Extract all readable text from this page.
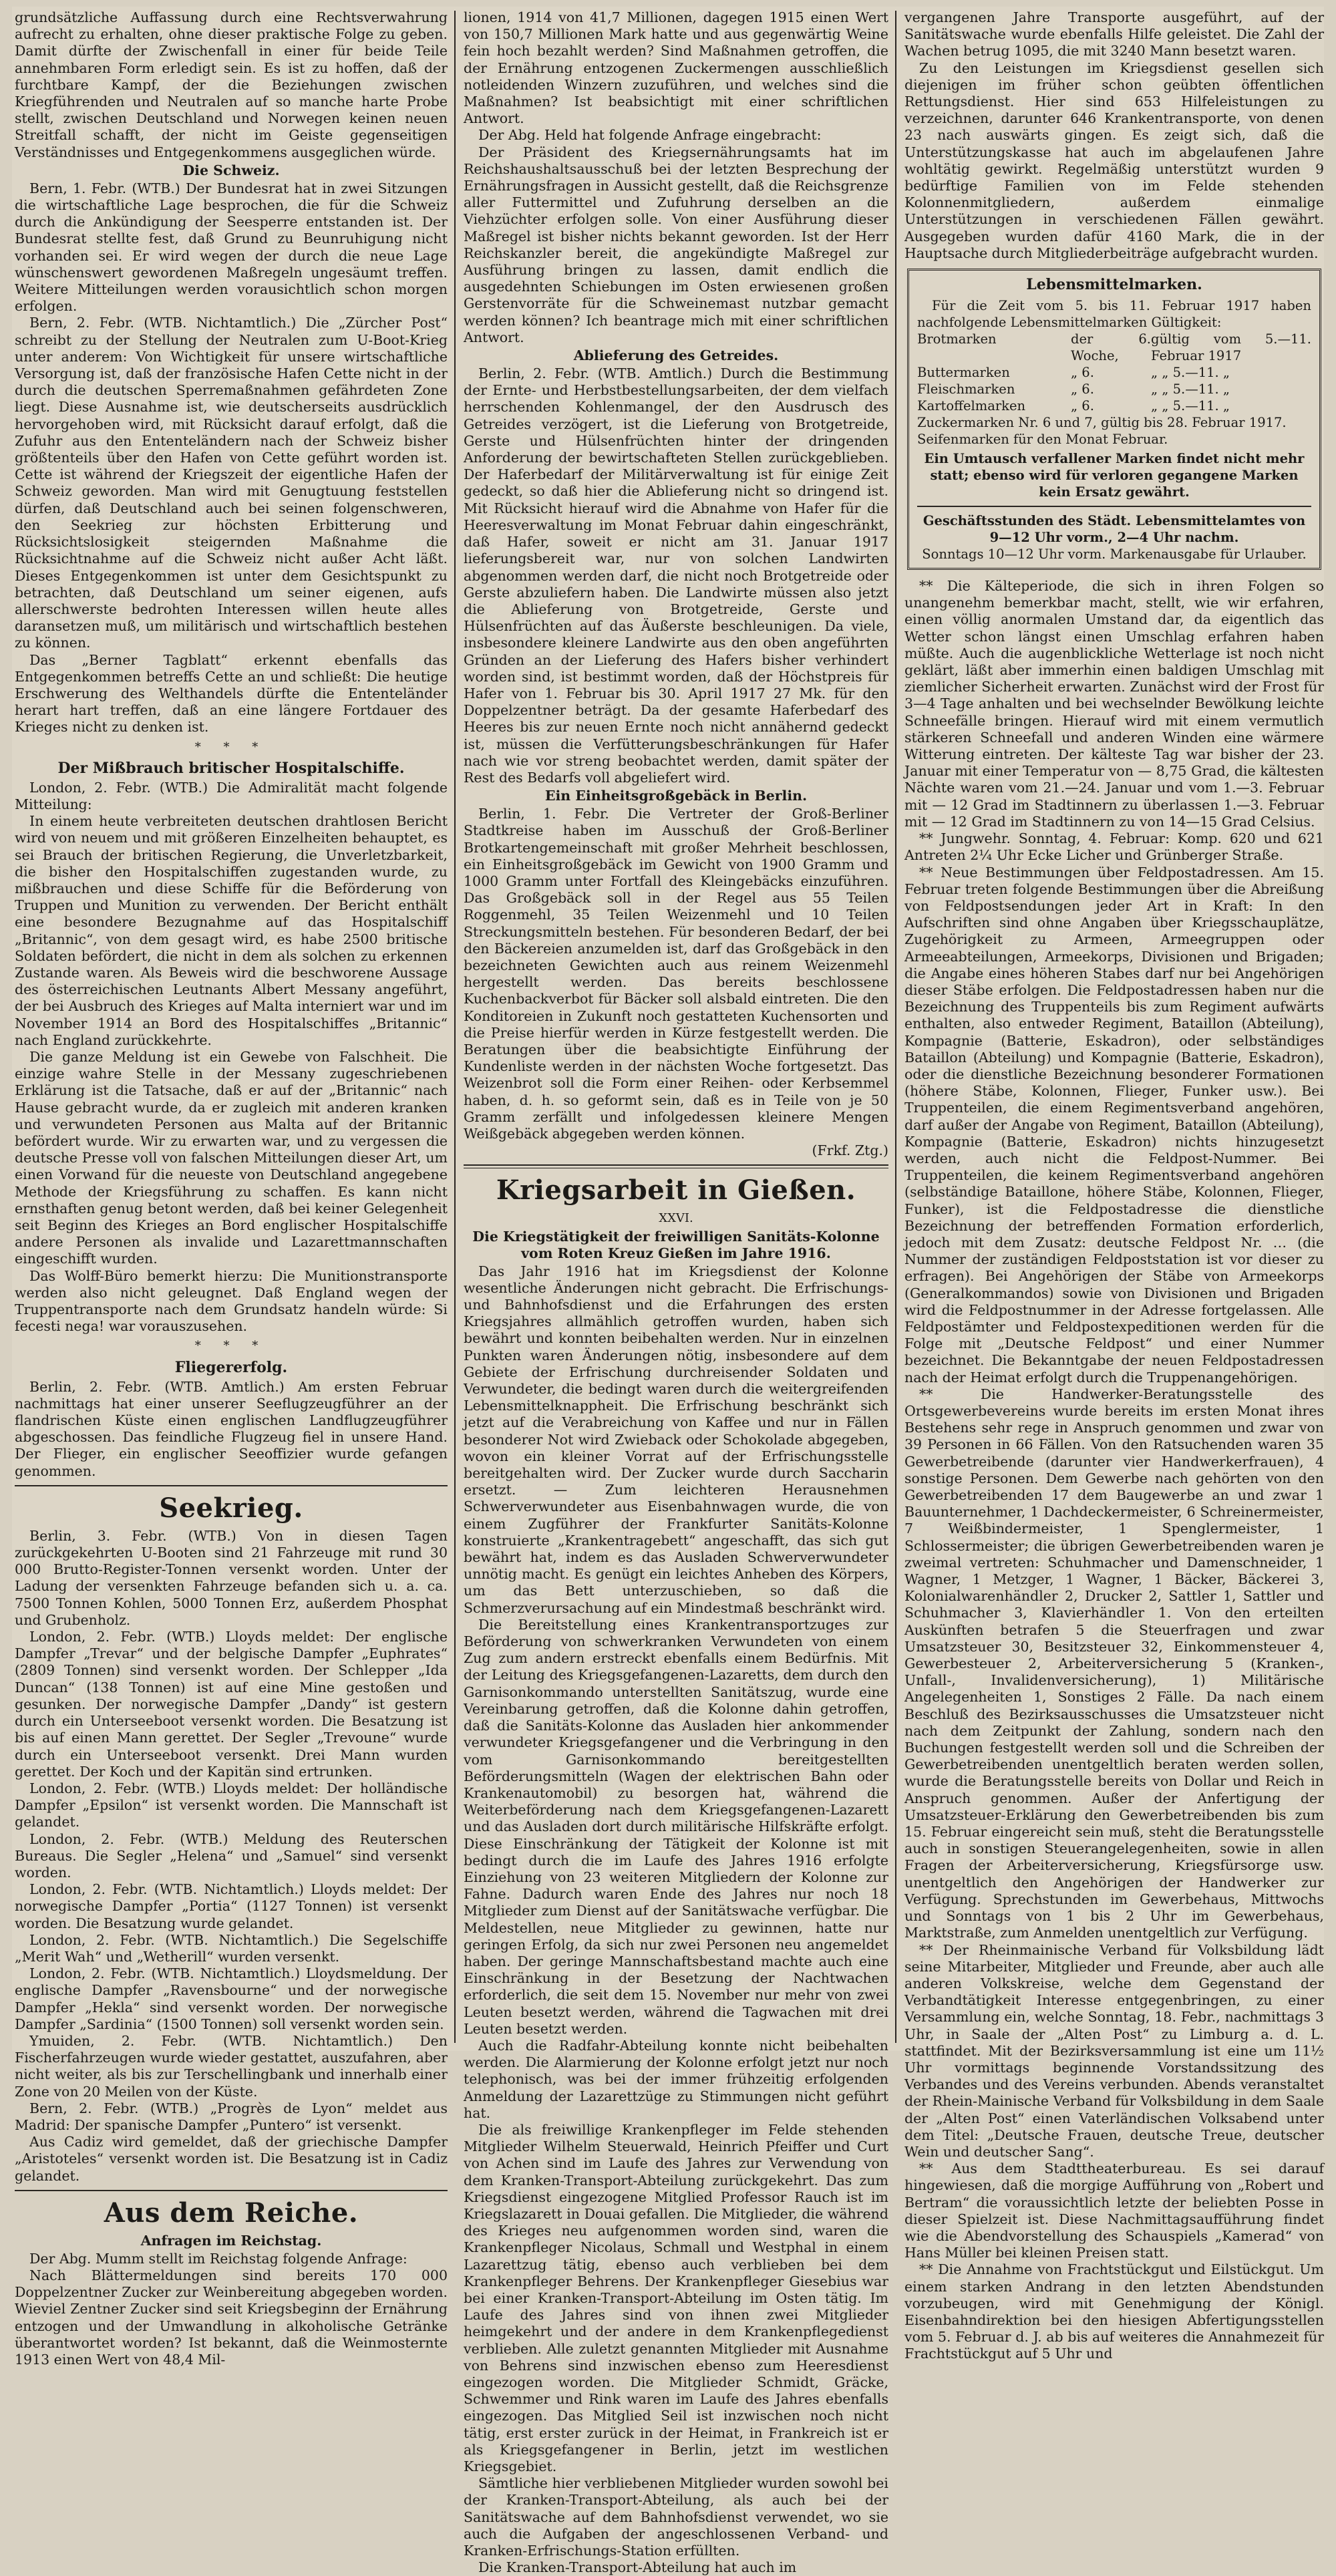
grundsätzliche Auffassung durch eine Rechtsverwahrung aufrecht zu erhalten, ohne dieser praktische Folge zu geben. Damit dürfte der Zwischenfall in einer für beide Teile annehmbaren Form erledigt sein. Es ist zu hoffen, daß der furchtbare Kampf, der die Beziehungen zwischen Kriegführenden und Neutralen auf so manche harte Probe stellt, zwischen Deutschland und Norwegen keinen neuen Streitfall schafft, der nicht im Geiste gegenseitigen Verständnisses und Entgegenkommens ausgeglichen würde.

Die Schweiz.

Bern, 1. Febr. (WTB.) Der Bundesrat hat in zwei Sitzungen die wirtschaftliche Lage besprochen, die für die Schweiz durch die Ankündigung der Seesperre entstanden ist. Der Bundesrat stellte fest, daß Grund zu Beunruhigung nicht vorhanden sei. Er wird wegen der durch die neue Lage wünschenswert gewordenen Maßregeln ungesäumt treffen. Weitere Mitteilungen werden vorausichtlich schon morgen erfolgen.

Bern, 2. Febr. (WTB. Nichtamtlich.) Die „Zürcher Post“ schreibt zu der Stellung der Neutralen zum U-Boot-Krieg unter anderem: Von Wichtigkeit für unsere wirtschaftliche Versorgung ist, daß der französische Hafen Cette nicht in der durch die deutschen Sperremaßnahmen gefährdeten Zone liegt. Diese Ausnahme ist, wie deutscherseits ausdrücklich hervorgehoben wird, mit Rücksicht darauf erfolgt, daß die Zufuhr aus den Ententeländern nach der Schweiz bisher größtenteils über den Hafen von Cette geführt worden ist. Cette ist während der Kriegszeit der eigentliche Hafen der Schweiz geworden. Man wird mit Genugtuung feststellen dürfen, daß Deutschland auch bei seinen folgenschweren, den Seekrieg zur höchsten Erbitterung und Rücksichtslosigkeit steigernden Maßnahme die Rücksichtnahme auf die Schweiz nicht außer Acht läßt. Dieses Entgegenkommen ist unter dem Gesichtspunkt zu betrachten, daß Deutschland um seiner eigenen, aufs allerschwerste bedrohten Interessen willen heute alles daransetzen muß, um militärisch und wirtschaftlich bestehen zu können.

Das „Berner Tagblatt“ erkennt ebenfalls das Entgegenkommen betreffs Cette an und schließt: Die heutige Erschwerung des Welthandels dürfte die Ententeländer herart hart treffen, daß an eine längere Fortdauer des Krieges nicht zu denken ist.

* * *
Der Mißbrauch britischer Hospitalschiffe.

London, 2. Febr. (WTB.) Die Admiralität macht folgende Mitteilung:

In einem heute verbreiteten deutschen drahtlosen Bericht wird von neuem und mit größeren Einzelheiten behauptet, es sei Brauch der britischen Regierung, die Unverletzbarkeit, die bisher den Hospitalschiffen zugestanden wurde, zu mißbrauchen und diese Schiffe für die Beförderung von Truppen und Munition zu verwenden. Der Bericht enthält eine besondere Bezugnahme auf das Hospitalschiff „Britannic“, von dem gesagt wird, es habe 2500 britische Soldaten befördert, die nicht in dem als solchen zu erkennen Zustande waren. Als Beweis wird die beschworene Aussage des österreichischen Leutnants Albert Messany angeführt, der bei Ausbruch des Krieges auf Malta interniert war und im November 1914 an Bord des Hospitalschiffes „Britannic“ nach England zurückkehrte.

Die ganze Meldung ist ein Gewebe von Falschheit. Die einzige wahre Stelle in der Messany zugeschriebenen Erklärung ist die Tatsache, daß er auf der „Britannic“ nach Hause gebracht wurde, da er zugleich mit anderen kranken und verwundeten Personen aus Malta auf der Britannic befördert wurde. Wir zu erwarten war, und zu vergessen die deutsche Presse voll von falschen Mitteilungen dieser Art, um einen Vorwand für die neueste von Deutschland angegebene Methode der Kriegsführung zu schaffen. Es kann nicht ernsthaften genug betont werden, daß bei keiner Gelegenheit seit Beginn des Krieges an Bord englischer Hospitalschiffe andere Personen als invalide und Lazarettmannschaften eingeschifft wurden.

Das Wolff-Büro bemerkt hierzu: Die Munitionstransporte werden also nicht geleugnet. Daß England wegen der Truppentransporte nach dem Grundsatz handeln würde: Si fecesti nega! war vorauszusehen.

* * *
Fliegererfolg.

Berlin, 2. Febr. (WTB. Amtlich.) Am ersten Februar nachmittags hat einer unserer Seeflugzeugführer an der flandrischen Küste einen englischen Landflugzeugführer abgeschossen. Das feindliche Flugzeug fiel in unsere Hand. Der Flieger, ein englischer Seeoffizier wurde gefangen genommen.

Seekrieg.

Berlin, 3. Febr. (WTB.) Von in diesen Tagen zurückgekehrten U-Booten sind 21 Fahrzeuge mit rund 30 000 Brutto-Register-Tonnen versenkt worden. Unter der Ladung der versenkten Fahrzeuge befanden sich u. a. ca. 7500 Tonnen Kohlen, 5000 Tonnen Erz, außerdem Phosphat und Grubenholz.

London, 2. Febr. (WTB.) Lloyds meldet: Der englische Dampfer „Trevar“ und der belgische Dampfer „Euphrates“ (2809 Tonnen) sind versenkt worden. Der Schlepper „Ida Duncan“ (138 Tonnen) ist auf eine Mine gestoßen und gesunken. Der norwegische Dampfer „Dandy“ ist gestern durch ein Unterseeboot versenkt worden. Die Besatzung ist bis auf einen Mann gerettet. Der Segler „Trevoune“ wurde durch ein Unterseeboot versenkt. Drei Mann wurden gerettet. Der Koch und der Kapitän sind ertrunken.

London, 2. Febr. (WTB.) Lloyds meldet: Der holländische Dampfer „Epsilon“ ist versenkt worden. Die Mannschaft ist gelandet.

London, 2. Febr. (WTB.) Meldung des Reuterschen Bureaus. Die Segler „Helena“ und „Samuel“ sind versenkt worden.

London, 2. Febr. (WTB. Nichtamtlich.) Lloyds meldet: Der norwegische Dampfer „Portia“ (1127 Tonnen) ist versenkt worden. Die Besatzung wurde gelandet.

London, 2. Febr. (WTB. Nichtamtlich.) Die Segelschiffe „Merit Wah“ und „Wetherill“ wurden versenkt.

London, 2. Febr. (WTB. Nichtamtlich.) Lloydsmeldung. Der englische Dampfer „Ravensbourne“ und der norwegische Dampfer „Hekla“ sind versenkt worden. Der norwegische Dampfer „Sardinia“ (1500 Tonnen) soll versenkt worden sein.

Ymuiden, 2. Febr. (WTB. Nichtamtlich.) Den Fischerfahrzeugen wurde wieder gestattet, auszufahren, aber nicht weiter, als bis zur Terschellingbank und innerhalb einer Zone von 20 Meilen von der Küste.

Bern, 2. Febr. (WTB.) „Progrès de Lyon“ meldet aus Madrid: Der spanische Dampfer „Puntero“ ist versenkt.

Aus Cadiz wird gemeldet, daß der griechische Dampfer „Aristoteles“ versenkt worden ist. Die Besatzung ist in Cadiz gelandet.

Aus dem Reiche.
Anfragen im Reichstag.

Der Abg. Mumm stellt im Reichstag folgende Anfrage:

Nach Blättermeldungen sind bereits 170 000 Doppelzentner Zucker zur Weinbereitung abgegeben worden. Wieviel Zentner Zucker sind seit Kriegsbeginn der Ernährung entzogen und der Umwandlung in alkoholische Getränke überantwortet worden? Ist bekannt, daß die Weinmosternte 1913 einen Wert von 48,4 Mil-

lionen, 1914 von 41,7 Millionen, dagegen 1915 einen Wert von 150,7 Millionen Mark hatte und aus gegenwärtig Weine fein hoch bezahlt werden? Sind Maßnahmen getroffen, die der Ernährung entzogenen Zuckermengen ausschließlich notleidenden Winzern zuzuführen, und welches sind die Maßnahmen? Ist beabsichtigt mit einer schriftlichen Antwort.

Der Abg. Held hat folgende Anfrage eingebracht:

Der Präsident des Kriegsernährungsamts hat im Reichshaushaltsausschuß bei der letzten Besprechung der Ernährungsfragen in Aussicht gestellt, daß die Reichsgrenze aller Futtermittel und Zufuhrung derselben an die Viehzüchter erfolgen solle. Von einer Ausführung dieser Maßregel ist bisher nichts bekannt geworden. Ist der Herr Reichskanzler bereit, die angekündigte Maßregel zur Ausführung bringen zu lassen, damit endlich die ausgedehnten Schiebungen im Osten erwiesenen großen Gerstenvorräte für die Schweinemast nutzbar gemacht werden können? Ich beantrage mich mit einer schriftlichen Antwort.

Ablieferung des Getreides.

Berlin, 2. Febr. (WTB. Amtlich.) Durch die Bestimmung der Ernte- und Herbstbestellungsarbeiten, der dem vielfach herrschenden Kohlenmangel, der den Ausdrusch des Getreides verzögert, ist die Lieferung von Brotgetreide, Gerste und Hülsenfrüchten hinter der dringenden Anforderung der bewirtschafteten Stellen zurückgeblieben. Der Haferbedarf der Militärverwaltung ist für einige Zeit gedeckt, so daß hier die Ablieferung nicht so dringend ist. Mit Rücksicht hierauf wird die Abnahme von Hafer für die Heeresverwaltung im Monat Februar dahin eingeschränkt, daß Hafer, soweit er nicht am 31. Januar 1917 lieferungsbereit war, nur von solchen Landwirten abgenommen werden darf, die nicht noch Brotgetreide oder Gerste abzuliefern haben. Die Landwirte müssen also jetzt die Ablieferung von Brotgetreide, Gerste und Hülsenfrüchten auf das Äußerste beschleunigen. Da viele, insbesondere kleinere Landwirte aus den oben angeführten Gründen an der Lieferung des Hafers bisher verhindert worden sind, ist bestimmt worden, daß der Höchstpreis für Hafer von 1. Februar bis 30. April 1917 27 Mk. für den Doppelzentner beträgt. Da der gesamte Haferbedarf des Heeres bis zur neuen Ernte noch nicht annähernd gedeckt ist, müssen die Verfütterungsbeschränkungen für Hafer nach wie vor streng beobachtet werden, damit später der Rest des Bedarfs voll abgeliefert wird.

Ein Einheitsgroßgebäck in Berlin.

Berlin, 1. Febr. Die Vertreter der Groß-Berliner Stadtkreise haben im Ausschuß der Groß-Berliner Brotkartengemeinschaft mit großer Mehrheit beschlossen, ein Einheitsgroßgebäck im Gewicht von 1900 Gramm und 1000 Gramm unter Fortfall des Kleingebäcks einzuführen. Das Großgebäck soll in der Regel aus 55 Teilen Roggenmehl, 35 Teilen Weizenmehl und 10 Teilen Streckungsmitteln bestehen. Für besonderen Bedarf, der bei den Bäckereien anzumelden ist, darf das Großgebäck in den bezeichneten Gewichten auch aus reinem Weizenmehl hergestellt werden. Das bereits beschlossene Kuchenbackverbot für Bäcker soll alsbald eintreten. Die den Konditoreien in Zukunft noch gestatteten Kuchensorten und die Preise hierfür werden in Kürze festgestellt werden. Die Beratungen über die beabsichtigte Einführung der Kundenliste werden in der nächsten Woche fortgesetzt. Das Weizenbrot soll die Form einer Reihen- oder Kerbsemmel haben, d. h. so geformt sein, daß es in Teile von je 50 Gramm zerfällt und infolgedessen kleinere Mengen Weißgebäck abgegeben werden können.

(Frkf. Ztg.)
Kriegsarbeit in Gießen.
XXVI.
Die Kriegstätigkeit der freiwilligen Sanitäts-Kolonne vom Roten Kreuz Gießen im Jahre 1916.

Das Jahr 1916 hat im Kriegsdienst der Kolonne wesentliche Änderungen nicht gebracht. Die Erfrischungs- und Bahnhofsdienst und die Erfahrungen des ersten Kriegsjahres allmählich getroffen wurden, haben sich bewährt und konnten beibehalten werden. Nur in einzelnen Punkten waren Änderungen nötig, insbesondere auf dem Gebiete der Erfrischung durchreisender Soldaten und Verwundeter, die bedingt waren durch die weitergreifenden Lebensmittelknappheit. Die Erfrischung beschränkt sich jetzt auf die Verabreichung von Kaffee und nur in Fällen besonderer Not wird Zwieback oder Schokolade abgegeben, wovon ein kleiner Vorrat auf der Erfrischungsstelle bereitgehalten wird. Der Zucker wurde durch Saccharin ersetzt. — Zum leichteren Herausnehmen Schwerverwundeter aus Eisenbahnwagen wurde, die von einem Zugführer der Frankfurter Sanitäts-Kolonne konstruierte „Krankentragebett“ angeschafft, das sich gut bewährt hat, indem es das Ausladen Schwerverwundeter unnötig macht. Es genügt ein leichtes Anheben des Körpers, um das Bett unterzuschieben, so daß die Schmerzverursachung auf ein Mindestmaß beschränkt wird.

Die Bereitstellung eines Krankentransportzuges zur Beförderung von schwerkranken Verwundeten von einem Zug zum andern erstreckt ebenfalls einem Bedürfnis. Mit der Leitung des Kriegsgefangenen-Lazaretts, dem durch den Garnisonkommando unterstellten Sanitätszug, wurde eine Vereinbarung getroffen, daß die Kolonne dahin getroffen, daß die Sanitäts-Kolonne das Ausladen hier ankommender verwundeter Kriegsgefangener und die Verbringung in den vom Garnisonkommando bereitgestellten Beförderungsmitteln (Wagen der elektrischen Bahn oder Krankenautomobil) zu besorgen hat, während die Weiterbeförderung nach dem Kriegsgefangenen-Lazarett und das Ausladen dort durch militärische Hilfskräfte erfolgt. Diese Einschränkung der Tätigkeit der Kolonne ist mit bedingt durch die im Laufe des Jahres 1916 erfolgte Einziehung von 23 weiteren Mitgliedern der Kolonne zur Fahne. Dadurch waren Ende des Jahres nur noch 18 Mitglieder zum Dienst auf der Sanitätswache verfügbar. Die Meldestellen, neue Mitglieder zu gewinnen, hatte nur geringen Erfolg, da sich nur zwei Personen neu angemeldet haben. Der geringe Mannschaftsbestand machte auch eine Einschränkung in der Besetzung der Nachtwachen erforderlich, die seit dem 15. November nur mehr von zwei Leuten besetzt werden, während die Tagwachen mit drei Leuten besetzt werden.

Auch die Radfahr-Abteilung konnte nicht beibehalten werden. Die Alarmierung der Kolonne erfolgt jetzt nur noch telephonisch, was bei der immer frühzeitig erfolgenden Anmeldung der Lazarettzüge zu Stimmungen nicht geführt hat.

Die als freiwillige Krankenpfleger im Felde stehenden Mitglieder Wilhelm Steuerwald, Heinrich Pfeiffer und Curt von Achen sind im Laufe des Jahres zur Verwendung von dem Kranken-Transport-Abteilung zurückgekehrt. Das zum Kriegsdienst eingezogene Mitglied Professor Rauch ist im Kriegslazarett in Douai gefallen. Die Mitglieder, die während des Krieges neu aufgenommen worden sind, waren die Krankenpfleger Nicolaus, Schmall und Westphal in einem Lazarettzug tätig, ebenso auch verblieben bei dem Krankenpfleger Behrens. Der Krankenpfleger Giesebius war bei einer Kranken-Transport-Abteilung im Osten tätig. Im Laufe des Jahres sind von ihnen zwei Mitglieder heimgekehrt und der andere in dem Krankenpflegedienst verblieben. Alle zuletzt genannten Mitglieder mit Ausnahme von Behrens sind inzwischen ebenso zum Heeresdienst eingezogen worden. Die Mitglieder Schmidt, Gräcke, Schwemmer und Rink waren im Laufe des Jahres ebenfalls eingezogen. Das Mitglied Seil ist inzwischen noch nicht tätig, erst erster zurück in der Heimat, in Frankreich ist er als Kriegsgefangener in Berlin, jetzt im westlichen Kriegsgebiet.

Sämtliche hier verbliebenen Mitglieder wurden sowohl bei der Kranken-Transport-Abteilung, als auch bei der Sanitätswache auf dem Bahnhofsdienst verwendet, wo sie auch die Aufgaben der angeschlossenen Verband- und Kranken-Erfrischungs-Station erfüllten.

Die Kranken-Transport-Abteilung hat auch im

vergangenen Jahre Transporte ausgeführt, auf der Sanitätswache wurde ebenfalls Hilfe geleistet. Die Zahl der Wachen betrug 1095, die mit 3240 Mann besetzt waren.

Zu den Leistungen im Kriegsdienst gesellen sich diejenigen im früher schon geübten öffentlichen Rettungsdienst. Hier sind 653 Hilfeleistungen zu verzeichnen, darunter 646 Krankentransporte, von denen 23 nach auswärts gingen. Es zeigt sich, daß die Unterstützungskasse hat auch im abgelaufenen Jahre wohltätig gewirkt. Regelmäßig unterstützt wurden 9 bedürftige Familien von im Felde stehenden Kolonnenmitgliedern, außerdem einmalige Unterstützungen in verschiedenen Fällen gewährt. Ausgegeben wurden dafür 4160 Mark, die in der Hauptsache durch Mitgliederbeiträge aufgebracht wurden.

Lebensmittelmarken.

Für die Zeit vom 5. bis 11. Februar 1917 haben nachfolgende Lebensmittelmarken Gültigkeit:

Brotmarken	der 6. Woche,
gültig vom 5.—11. Februar 1917
Buttermarken	„ 6.	„ „ 5.—11. „
Fleischmarken	„ 6.	„ „ 5.—11. „
Kartoffelmarken	„ 6.	„ „ 5.—11. „
Zuckermarken Nr. 6 und 7, gültig bis 28. Februar 1917.
Seifenmarken für den Monat Februar.
Ein Umtausch verfallener Marken findet nicht mehr statt; ebenso wird für verloren gegangene Marken kein Ersatz gewährt.
Geschäftsstunden des Städt. Lebensmittelamtes von 9—12 Uhr vorm., 2—4 Uhr nachm.
Sonntags 10—12 Uhr vorm. Markenausgabe für Urlauber.

** Die Kälteperiode, die sich in ihren Folgen so unangenehm bemerkbar macht, stellt, wie wir erfahren, einen völlig anormalen Umstand dar, da eigentlich das Wetter schon längst einen Umschlag erfahren haben müßte. Auch die augenblickliche Wetterlage ist noch nicht geklärt, läßt aber immerhin einen baldigen Umschlag mit ziemlicher Sicherheit erwarten. Zunächst wird der Frost für 3—4 Tage anhalten und bei wechselnder Bewölkung leichte Schneefälle bringen. Hierauf wird mit einem vermutlich stärkeren Schneefall und anderen Winden eine wärmere Witterung eintreten. Der kälteste Tag war bisher der 23. Januar mit einer Temperatur von — 8,75 Grad, die kältesten Nächte waren vom 21.—24. Januar und vom 1.—3. Februar mit — 12 Grad im Stadtinnern zu überlassen 1.—3. Februar mit — 12 Grad im Stadtinnern zu von 14—15 Grad Celsius.

** Jungwehr. Sonntag, 4. Februar: Komp. 620 und 621 Antreten 2¼ Uhr Ecke Licher und Grünberger Straße.

** Neue Bestimmungen über Feldpostadressen. Am 15. Februar treten folgende Bestimmungen über die Abreißung von Feldpostsendungen jeder Art in Kraft: In den Aufschriften sind ohne Angaben über Kriegsschauplätze, Zugehörigkeit zu Armeen, Armeegruppen oder Armeeabteilungen, Armeekorps, Divisionen und Brigaden; die Angabe eines höheren Stabes darf nur bei Angehörigen dieser Stäbe erfolgen. Die Feldpostadressen haben nur die Bezeichnung des Truppenteils bis zum Regiment aufwärts enthalten, also entweder Regiment, Bataillon (Abteilung), Kompagnie (Batterie, Eskadron), oder selbständiges Bataillon (Abteilung) und Kompagnie (Batterie, Eskadron), oder die dienstliche Bezeichnung besonderer Formationen (höhere Stäbe, Kolonnen, Flieger, Funker usw.). Bei Truppenteilen, die einem Regimentsverband angehören, darf außer der Angabe von Regiment, Bataillon (Abteilung), Kompagnie (Batterie, Eskadron) nichts hinzugesetzt werden, auch nicht die Feldpost-Nummer. Bei Truppenteilen, die keinem Regimentsverband angehören (selbständige Bataillone, höhere Stäbe, Kolonnen, Flieger, Funker), ist die Feldpostadresse die dienstliche Bezeichnung der betreffenden Formation erforderlich, jedoch mit dem Zusatz: deutsche Feldpost Nr. … (die Nummer der zuständigen Feldpoststation ist vor dieser zu erfragen). Bei Angehörigen der Stäbe von Armeekorps (Generalkommandos) sowie von Divisionen und Brigaden wird die Feldpostnummer in der Adresse fortgelassen. Alle Feldpostämter und Feldpostexpeditionen werden für die Folge mit „Deutsche Feldpost“ und einer Nummer bezeichnet. Die Bekanntgabe der neuen Feldpostadressen nach der Heimat erfolgt durch die Truppenangehörigen.

** Die Handwerker-Beratungsstelle des Ortsgewerbevereins wurde bereits im ersten Monat ihres Bestehens sehr rege in Anspruch genommen und zwar von 39 Personen in 66 Fällen. Von den Ratsuchenden waren 35 Gewerbetreibende (darunter vier Handwerkerfrauen), 4 sonstige Personen. Dem Gewerbe nach gehörten von den Gewerbetreibenden 17 dem Baugewerbe an und zwar 1 Bauunternehmer, 1 Dachdeckermeister, 6 Schreinermeister, 7 Weißbindermeister, 1 Spenglermeister, 1 Schlossermeister; die übrigen Gewerbetreibenden waren je zweimal vertreten: Schuhmacher und Damenschneider, 1 Wagner, 1 Metzger, 1 Wagner, 1 Bäcker, Bäckerei 3, Kolonialwarenhändler 2, Drucker 2, Sattler 1, Sattler und Schuhmacher 3, Klavierhändler 1. Von den erteilten Auskünften betrafen 5 die Steuerfragen und zwar Umsatzsteuer 30, Besitzsteuer 32, Einkommensteuer 4, Gewerbesteuer 2, Arbeiterversicherung 5 (Kranken-, Unfall-, Invalidenversicherung), 1) Militärische Angelegenheiten 1, Sonstiges 2 Fälle. Da nach einem Beschluß des Bezirksausschusses die Umsatzsteuer nicht nach dem Zeitpunkt der Zahlung, sondern nach den Buchungen festgestellt werden soll und die Schreiben der Gewerbetreibenden unentgeltlich beraten werden sollen, wurde die Beratungsstelle bereits von Dollar und Reich in Anspruch genommen. Außer der Anfertigung der Umsatzsteuer-Erklärung den Gewerbetreibenden bis zum 15. Februar eingereicht sein muß, steht die Beratungsstelle auch in sonstigen Steuerangelegenheiten, sowie in allen Fragen der Arbeiterversicherung, Kriegsfürsorge usw. unentgeltlich den Angehörigen der Handwerker zur Verfügung. Sprechstunden im Gewerbehaus, Mittwochs und Sonntags von 1 bis 2 Uhr im Gewerbehaus, Marktstraße, zum Anmelden unentgeltlich zur Verfügung.

** Der Rheinmainische Verband für Volksbildung lädt seine Mitarbeiter, Mitglieder und Freunde, aber auch alle anderen Volkskreise, welche dem Gegenstand der Verbandtätigkeit Interesse entgegenbringen, zu einer Versammlung ein, welche Sonntag, 18. Febr., nachmittags 3 Uhr, in Saale der „Alten Post“ zu Limburg a. d. L. stattfindet. Mit der Bezirksversammlung ist eine um 11½ Uhr vormittags beginnende Vorstandssitzung des Verbandes und des Vereins verbunden. Abends veranstaltet der Rhein-Mainische Verband für Volksbildung in dem Saale der „Alten Post“ einen Vaterländischen Volksabend unter dem Titel: „Deutsche Frauen, deutsche Treue, deutscher Wein und deutscher Sang“.

** Aus dem Stadttheaterbureau. Es sei darauf hingewiesen, daß die morgige Aufführung von „Robert und Bertram“ die voraussichtlich letzte der beliebten Posse in dieser Spielzeit ist. Diese Nachmittagsaufführung findet wie die Abendvorstellung des Schauspiels „Kamerad“ von Hans Müller bei kleinen Preisen statt.

** Die Annahme von Frachtstückgut und Eilstückgut. Um einem starken Andrang in den letzten Abendstunden vorzubeugen, wird mit Genehmigung der Königl. Eisenbahndirektion bei den hiesigen Abfertigungsstellen vom 5. Februar d. J. ab bis auf weiteres die Annahmezeit für Frachtstückgut auf 5 Uhr und
